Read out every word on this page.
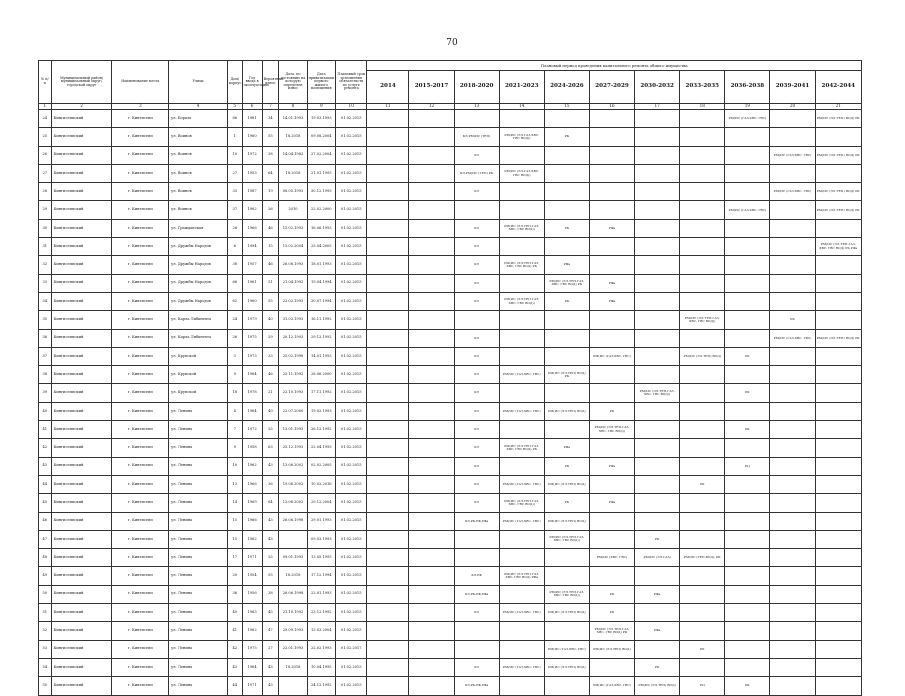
70
№ п/п	Муниципальный район/муниципальный округ/городской округ	Наименование места	Улица	Дом/корпус	Год ввода в эксплуатацию	Вероятный износ	Дата, по состоянию на которую определен износ	Дата приватизации первого жилого помещения	Плановый срок исполнения обязательств по услуге ремонта	Плановый период проведения капитального ремонта общего имущества										
										2014	2015-2017	2018-2020	2021-2023	2024-2026	2027-2029	2030-2032	2033-2035	2036-2038	2039-2041	2042-2044
1	2	3	4	5	6	7	8	9	10	11	12	13	14	15	16	17	18	19	20	21
24	Кингисеппский	г. Кингисепп	ул. Бораль	86	1981	34	14.01.1993	19.03.1993	01.02.2015									РМ(ИС (ГАЗ,ХВС, ГВС)		РМ(ИС (ЭЛ.ТЕП) ВОД) РК
25	Кингисеппский	г. Кингисепп	ул. Воинов	1	1960	55	18.2018	09.08.2004	01.02.2015			КЭ,РМ(ИС (ТЕП)	РМ(ИС (ЭЛ.ГАЗ,ХВС, ГВС ВОД))	РК						
26	Кингисеппский	г. Кингисепп	ул. Воинов	10	1972	38	14.04.1983	27.02.2004	01.02.2015			КЭ							РМ(ИС (ГАЗ,ХВС, ГВС)	РМ(ИС (ЭЛ.ТЕП) ВОД) РК
27	Кингисеппский	г. Кингисепп	ул. Воинов	27	1953	64	18.2018	21.01.1993	01.02.2015			КЭ,РМ(ИС (ТЕП) РК	РМ(ИС (ЭЛ.ГАЗ,ХВС, ГВС ВОД))							
28	Кингисеппский	г. Кингисепп	ул. Воинов	33	1987	19	08.05.1993	30.12.1993	01.02.2015			КЭ							РМ(ИС (ГАЗ,ХВС, ГВС)	РМ(ИС (ЭЛ.ТЕП) ВОД) РК
29	Кингисеппский	г. Кингисепп	ул. Воинов	37	1982	26	2010	22.02.2000	01.02.2015									РМ(ИС (ГАЗ,ХВС, ГВС)		РМ(ИС (ЭЛ.ТЕП) ВОД) РК
30	Кингисеппский	г. Кингисепп	ул. Гражданская	26	1966	46	15.02.1993	16.06.1993	01.02.2015			КЭ	РМ(ИС (ЭЛ.ТЕП.ГАЗ, ХВС, ГВС ВОД))	РК	РФа					
31	Кингисеппский	г. Кингисепп	ул. Дружбы Народов	6	1994	15	15.02.2004	25.04.2005	01.02.2015			КЭ								РМ(ИС (ЭЛ.ТЕП.ГАЗ, ХВС, ГВС ВОД) РК РФа
32	Кингисеппский	г. Кингисепп	ул. Дружбы Народов	38	1957	46	26.08.1993	18.01.1993	01.02.2015			КЭ	РМ(ИС (ЭЛ.ТЕП.ГАЗ, ХВС, ГВС ВОД) РК	РФа						
33	Кингисеппский	г. Кингисепп	ул. Дружбы Народов	66	1961	51	21.04.1992	19.04.1994	01.02.2015			КЭ		РМ(ИС (ЭЛ.ТЕП.ГАЗ, ХВС, ГВС ВОД) РК	РФа					
34	Кингисеппский	г. Кингисепп	ул. Дружбы Народов	62	1960	55	23.03.1993	20.07.1994	01.02.2015			КЭ	РМ(ИС (ЭЛ.ТЕП.ГАЗ, ХВС, ГВС ВОД))	РК	РФа					
35	Кингисеппский	г. Кингисепп	ул. Карла Либкнехта	24	1979	40	31.03.1993	16.11.1992	01.02.2015								РМ(ИС (ЭЛ.ТЕП.ГАЗ, ХВС, ГВС ВОД))		РК	
36	Кингисеппский	г. Кингисепп	ул. Карла Либкнехта	26	1975	29	20.12.1993	29.12.1992	01.02.2015			КЭ							РМ(ИС (ГАЗ,ХВС, ГВС)	РМ(ИС (ЭЛ.ТЕП) ВОД) РК
37	Кингисеппский	г. Кингисепп	ул. Крупской	3	1973	33	25.02.1998	14.01.1993	01.02.2015			КЭ			РМ(ИС (ГАЗ,ХВС, ГВС)		РМ(ИС (ЭЛ.ТЕП) ВОД)	РК		
38	Кингисеппский	г. Кингисепп	ул. Крупской	9	1964	46	25.11.1992	28.06.2000	01.02.2015			КЭ	РМ(ИС (ГАЗ,ХВС, ГВС)	РМ(ИС (ЭЛ.ТЕП) ВОД) РК						
39	Кингисеппский	г. Кингисепп	ул. Крупской	18	1978	21	22.10.1993	17.11.1992	01.02.2015			КЭ				РМ(ИС (ЭЛ.ТЕП.ГАЗ, ХВС, ГВС ВОД))		РК		
40	Кингисеппский	г. Кингисепп	ул. Ленина	4	1964	49	22.07.2000	19.02.1993	01.02.2015			КЭ	РМ(ИС (ГАЗ,ХВС, ГВС)	РМ(ИС (ЭЛ.ТЕП) ВОД)	РК					
41	Кингисеппский	г. Кингисепп	ул. Ленина	7	1972	25	13.01.1993	26.12.1992	01.02.2015			КЭ			РМ(ИС (ЭЛ.ТЕП.ГАЗ, ХВС, ГВС ВОД))			РК		
42	Кингисеппский	г. Кингисепп	ул. Ленина	9	1958	63	25.12.1993	22.04.1993	01.02.2015			КЭ	РМ(ИС (ЭЛ.ТЕП.ГАЗ, ХВС, ГВС ВОД) РК	РФа						
43	Кингисеппский	г. Кингисепп	ул. Ленина	10	1962	43	13.06.2002	02.02.2005	01.02.2015			КЭ		РК	РФа			РЦ		
44	Кингисеппский	г. Кингисепп	ул. Ленина	13	1966	36	19.06.2002	10.02.2016	01.02.2015			КЭ	РМ(ИС (ГАЗ,ХВС, ГВС)	РМ(ИС (ЭЛ.ТЕП) ВОД)			РК			
45	Кингисеппский	г. Кингисепп	ул. Ленина	14	1969	64	12.06.2002	29.12.2004	01.02.2015			КЭ	РМ(ИС (ЭЛ.ТЕП.ГАЗ, ХВС, ГВС ВОД))	РК	РФа					
46	Кингисеппский	г. Кингисепп	ул. Ленина	15	1966	43	26.06.1998	29.01.1993	01.02.2015			КЭ,РК,РФ,РФа	РМ(ИС (ГАЗ,ХВС, ГВС)	РМ(ИС (ЭЛ.ТЕП) ВОД)						
47	Кингисеппский	г. Кингисепп	ул. Ленина	15	1962	43		09.03.1993	01.02.2015					РМ(ИС (ЭЛ.ТЕП.ГАЗ, ХВС, ГВС ВОД))		РК				
48	Кингисеппский	г. Кингисепп	ул. Ленина	17	1971	25	09.01.1993	13.05.1993	01.02.2015						РМ(ИС (ХВС, ГВС)	РМ(ИС (ЭЛ.ГАЗ)	РМ(ИС (ТЕП,ВОД), РК			
49	Кингисеппский	г. Кингисепп	ул. Ленина	20	1954	55	18.2018	17.12.1994	01.02.2015			КЭ,РФ	РМ(ИС (ЭЛ.ТЕП.ГАЗ, ХВС, ГВС ВОД) РФа							
50	Кингисеппский	г. Кингисепп	ул. Ленина	36	1956	38	26.06.1998	22.01.1993	01.02.2015			КЭ,РК,РФ,РФа		РМ(ИС (ЭЛ.ТЕП.ГАЗ, ХВС, ГВС ВОД))	РК	РФа				
51	Кингисеппский	г. Кингисепп	ул. Ленина	40	1963	45	21.10.1992	23.12.1992	01.02.2015			КЭ	РМ(ИС (ГАЗ,ХВС, ГВС)	РМ(ИС (ЭЛ.ТЕП) ВОД)	РК					
52	Кингисеппский	г. Кингисепп	ул. Ленина	41	1962	47	29.09.1993	12.03.2004	01.02.2015						РМ(ИС (ЭЛ.ТЕП.ГАЗ, ХВС, ГВС ВОД) РК	РФа				
53	Кингисеппский	г. Кингисепп	ул. Ленина	42	1975	27	22.01.1993	22.02.1993	01.02.2017					РМ(ИС (ГАЗ,ХВС, ГВС)	РМ(ИС (ЭЛ.ТЕП) ВОД)		РК			
54	Кингисеппский	г. Кингисепп	ул. Ленина	43	1964	43	18.2018	10.04.1995	01.02.2015			КЭ	РМ(ИС (ГАЗ,ХВС, ГВС)	РМ(ИС (ЭЛ.ТЕП) ВОД)		РК				
55	Кингисеппский	г. Кингисепп	ул. Ленина	44	1971	43		24.12.1992	01.02.2015			КЭ,РК,РФ,РФа			РМ(ИС (ГАЗ,ХВС, ГВС)	РМ(ИС (ЭЛ.ТЕП) ВОД)	РЦ	РК		
